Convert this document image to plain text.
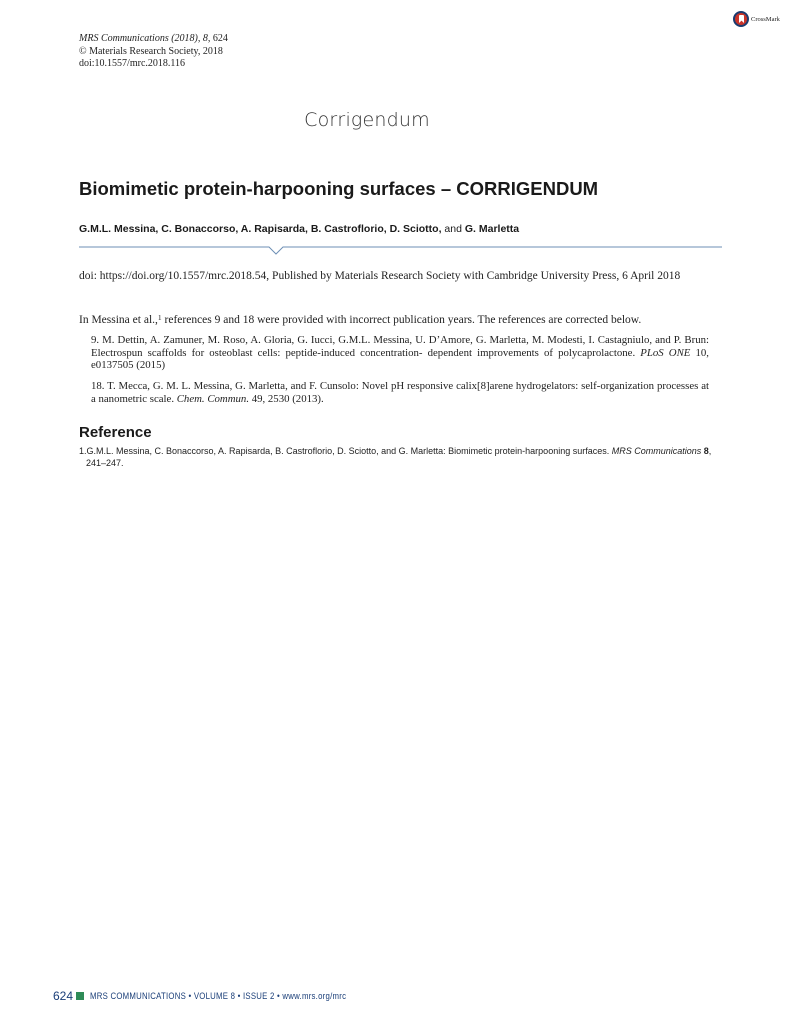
MRS Communications (2018), 8, 624
© Materials Research Society, 2018
doi:10.1557/mrc.2018.116
CrossMark
Corrigendum
Biomimetic protein-harpooning surfaces – CORRIGENDUM
G.M.L. Messina, C. Bonaccorso, A. Rapisarda, B. Castroflorio, D. Sciotto, and G. Marletta
doi: https://doi.org/10.1557/mrc.2018.54, Published by Materials Research Society with Cambridge University Press, 6 April 2018
In Messina et al.,$^1$ references 9 and 18 were provided with incorrect publication years. The references are corrected below.
9. M. Dettin, A. Zamuner, M. Roso, A. Gloria, G. Iucci, G.M.L. Messina, U. D’Amore, G. Marletta, M. Modesti, I. Castagniulo, and P. Brun: Electrospun scaffolds for osteoblast cells: peptide-induced concentration- dependent improvements of polycaprolactone. PLoS ONE 10, e0137505 (2015)
18. T. Mecca, G. M. L. Messina, G. Marletta, and F. Cunsolo: Novel pH responsive calix[8]arene hydrogelators: self-organization processes at a nanometric scale. Chem. Commun. 49, 2530 (2013).
Reference
1.G.M.L. Messina, C. Bonaccorso, A. Rapisarda, B. Castroflorio, D. Sciotto, and G. Marletta: Biomimetic protein-harpooning surfaces. MRS Communications 8,
241–247.
624 MRS COMMUNICATIONS • VOLUME 8 • ISSUE 2 • www.mrs.org/mrc
